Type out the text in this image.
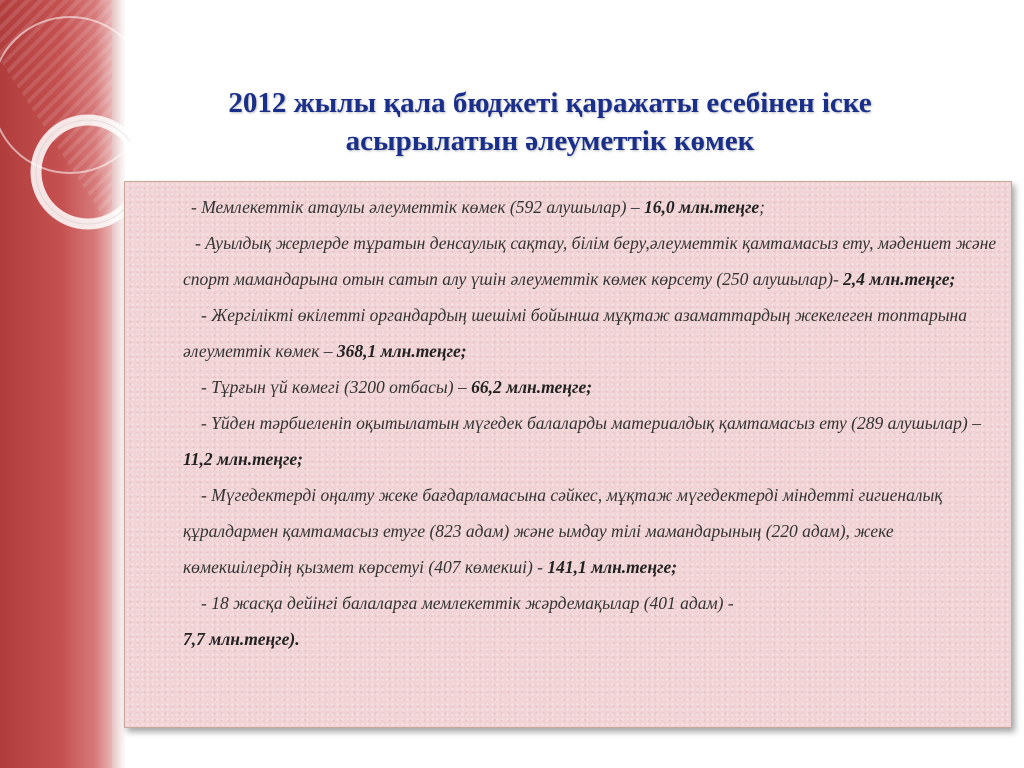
2012 жылы қала бюджеті қаражаты есебінен іске
асырылатын әлеуметтік көмек

- Мемлекеттік атаулы әлеуметтік көмек (592 алушылар) – 16,0 млн.теңге;

- Ауылдық жерлерде тұратын денсаулық сақтау, білім беру,әлеуметтік қамтамасыз ету, мәдениет және спорт мамандарына отын сатып алу үшін әлеуметтік көмек көрсету (250 алушылар)- 2,4 млн.теңге;

- Жергілікті өкілетті органдардың шешімі бойынша мұқтаж азаматтардың жекелеген топтарына әлеуметтік көмек – 368,1 млн.теңге;

- Тұрғын үй көмегі (3200 отбасы) – 66,2 млн.теңге;

- Үйден тәрбиеленіп оқытылатын мүгедек балаларды материалдық қамтамасыз ету (289 алушылар) – 11,2 млн.теңге;

- Мүгедектерді оңалту жеке бағдарламасына сәйкес, мұқтаж мүгедектерді міндетті гигиеналық құралдармен қамтамасыз етуге (823 адам) және ымдау тілі мамандарының (220 адам), жеке көмекшілердің қызмет көрсетуі (407 көмекші) - 141,1 млн.теңге;

- 18 жасқа дейінгі балаларға мемлекеттік жәрдемақылар (401 адам) -
7,7 млн.теңге).
